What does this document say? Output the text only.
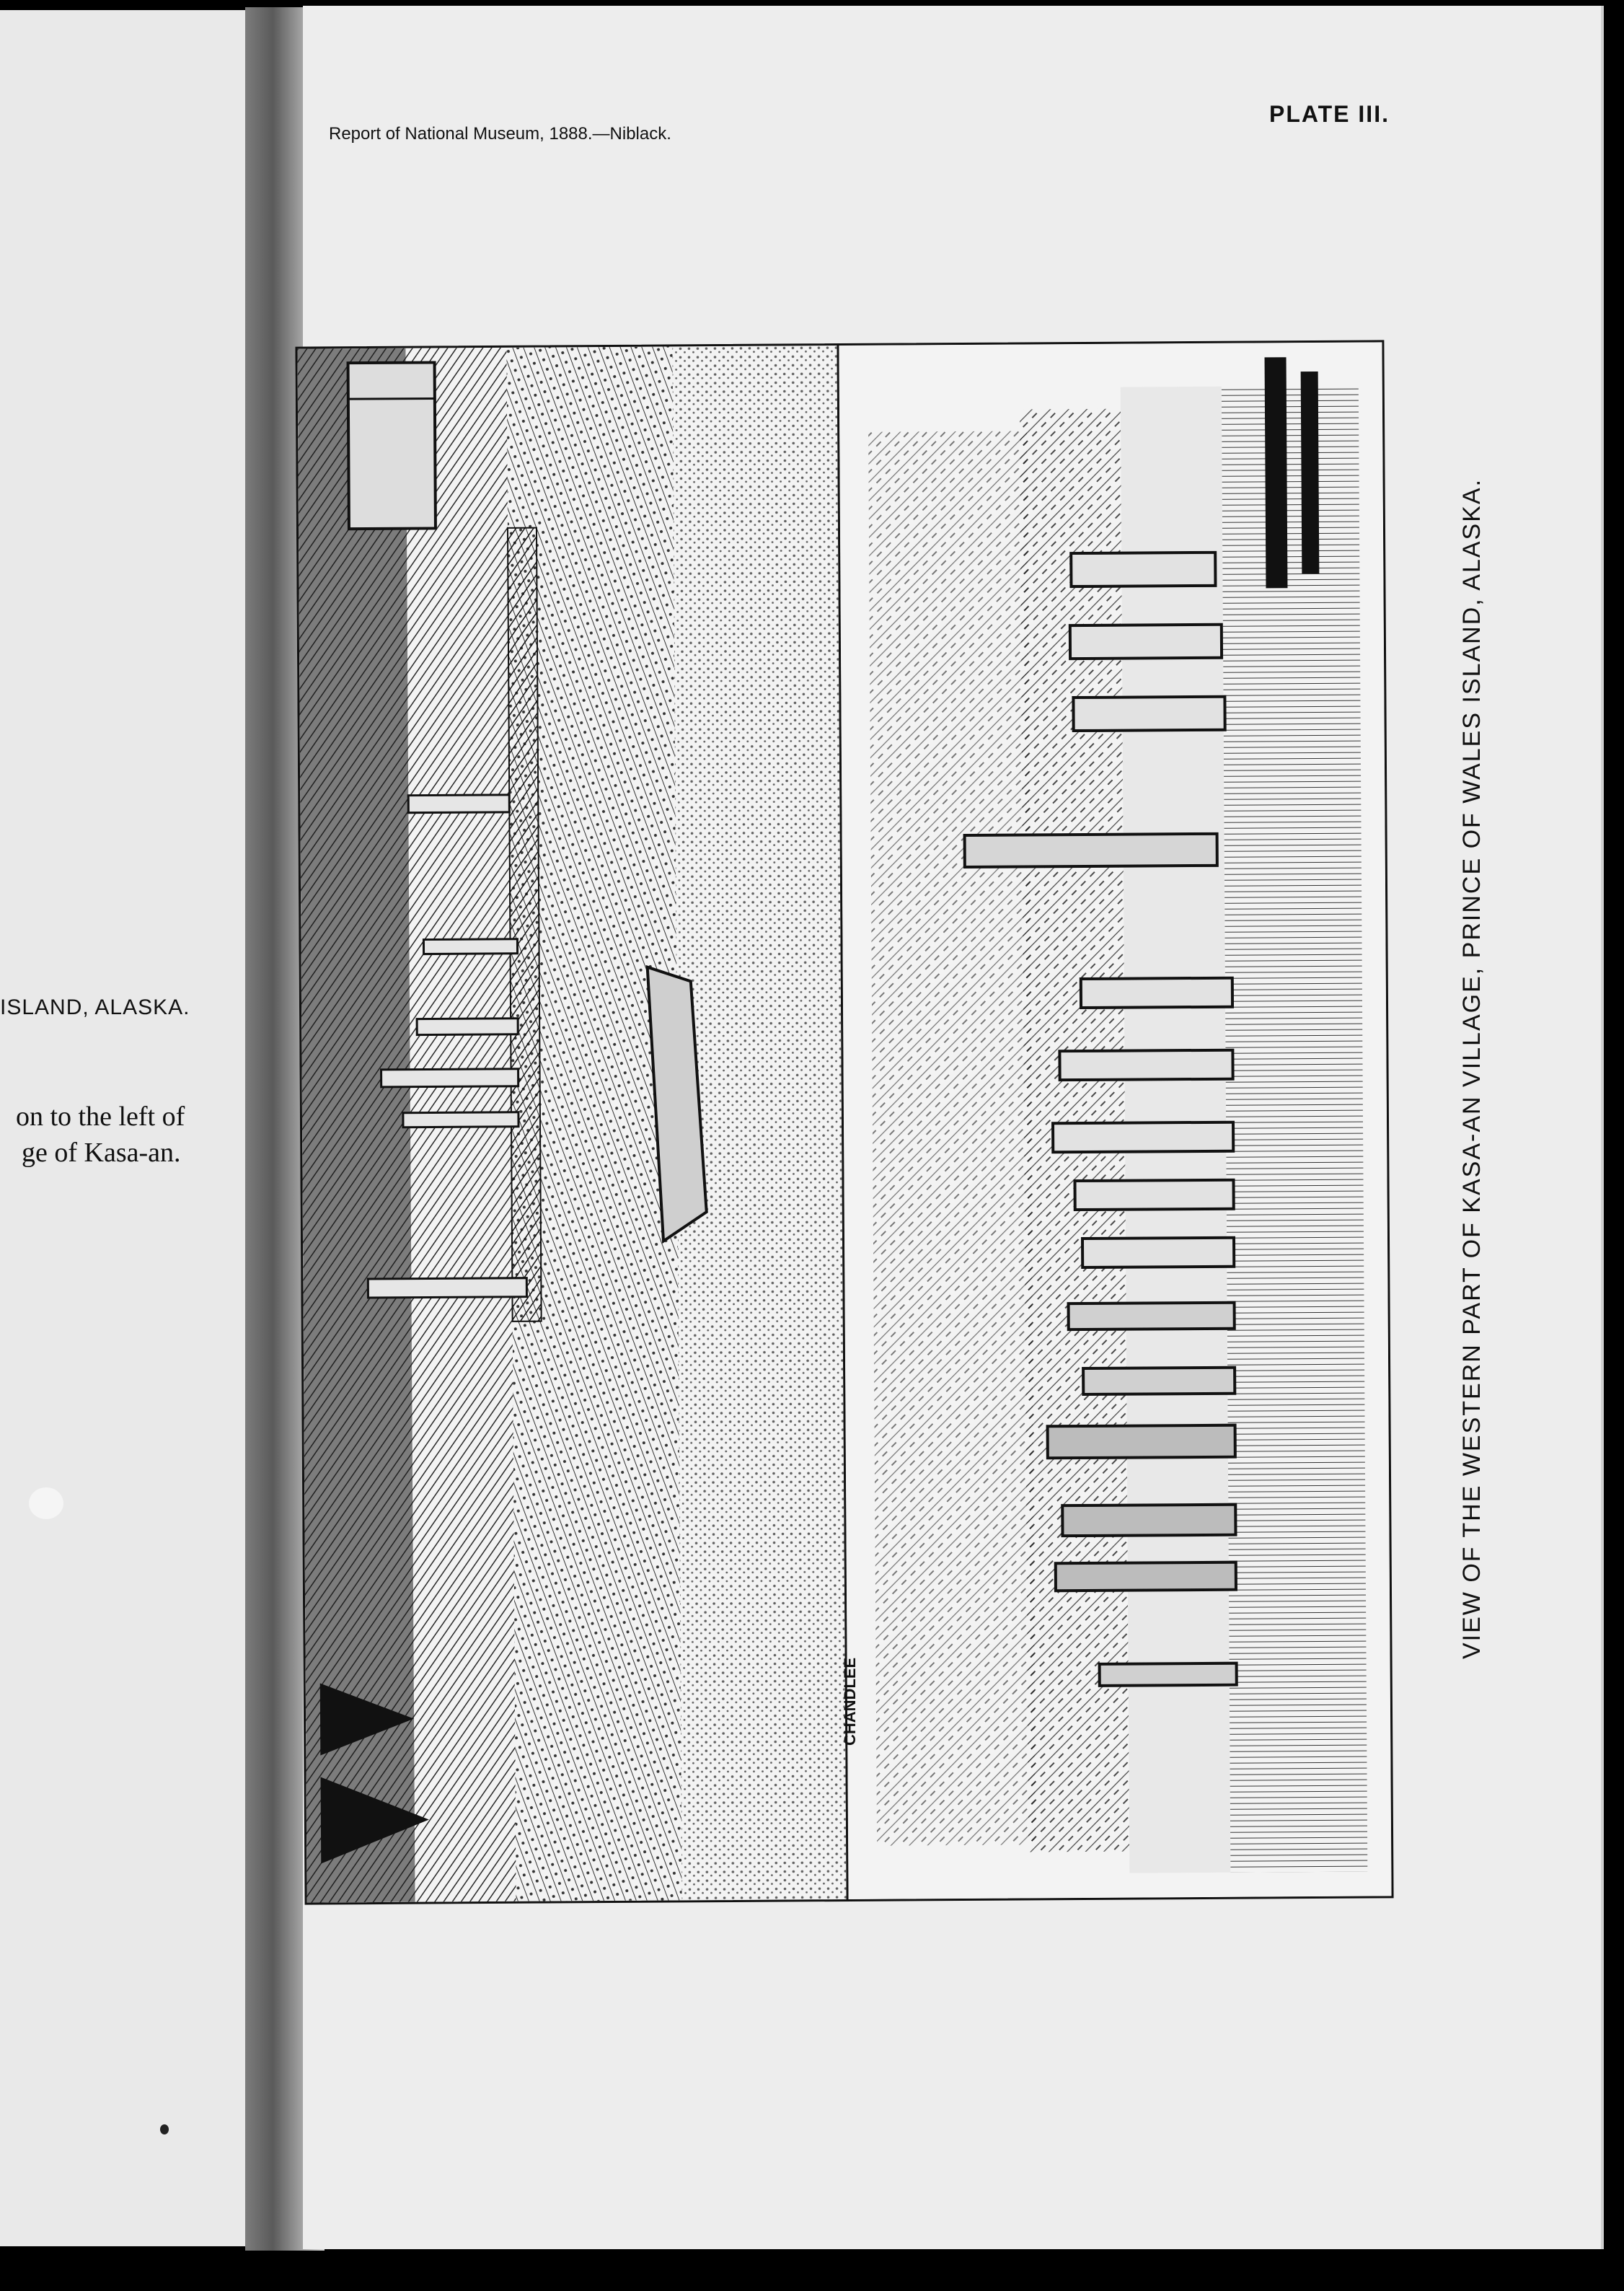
ISLAND, ALASKA.
on to the left of
ge of Kasa-an.
Report of National Museum, 1888.—Niblack.
PLATE III.
CHANDLEE
VIEW OF THE WESTERN PART OF KASA-AN VILLAGE, PRINCE OF WALES ISLAND, ALASKA.
